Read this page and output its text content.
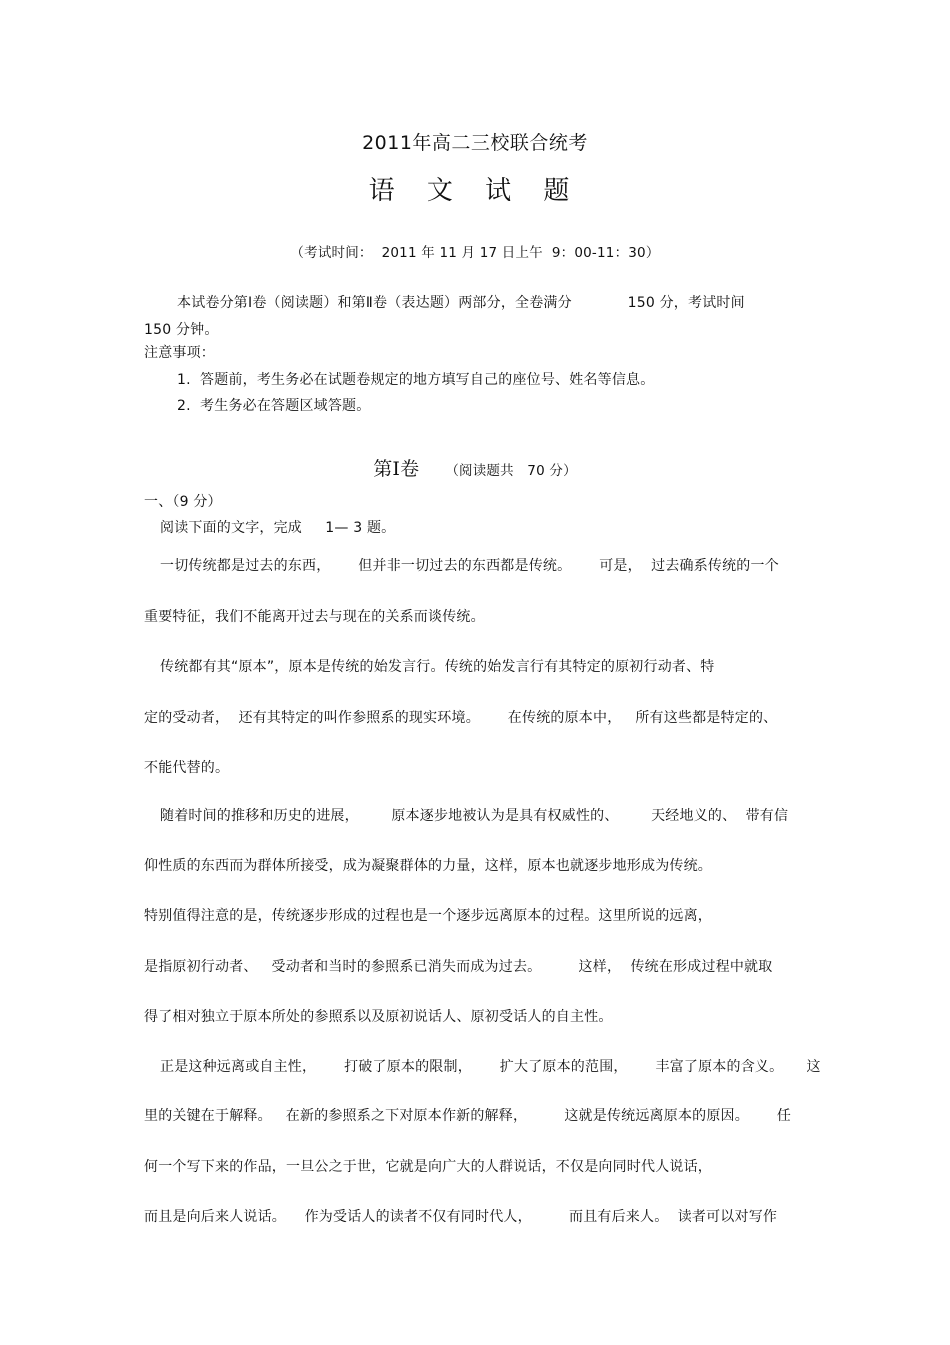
2011年高二三校联合统考
语 文 试 题
（考试时间：  2011 年 11 月 17 日上午  9：00-11：30）
本试卷分第Ⅰ卷（阅读题）和第Ⅱ卷（表达题）两部分，全卷满分            150 分，考试时间
150 分钟。
注意事项：
1.  答题前，考生务必在试题卷规定的地方填写自己的座位号、姓名等信息。
2.  考生务必在答题区域答题。
第Ⅰ卷 （阅读题共   70 分）
一、（9 分）
阅读下面的文字，完成     1— 3 题。
一切传统都是过去的东西，      但并非一切过去的东西都是传统。      可是，  过去确系传统的一个
重要特征，我们不能离开过去与现在的关系而谈传统。
传统都有其“原本”，原本是传统的始发言行。传统的始发言行有其特定的原初行动者、特
定的受动者，  还有其特定的叫作参照系的现实环境。      在传统的原本中，   所有这些都是特定的、
不能代替的。
随着时间的推移和历史的进展，       原本逐步地被认为是具有权威性的、       天经地义的、  带有信
仰性质的东西而为群体所接受，成为凝聚群体的力量，这样，原本也就逐步地形成为传统。
特别值得注意的是，传统逐步形成的过程也是一个逐步远离原本的过程。这里所说的远离，
是指原初行动者、   受动者和当时的参照系已消失而成为过去。        这样，  传统在形成过程中就取
得了相对独立于原本所处的参照系以及原初说话人、原初受话人的自主性。
正是这种远离或自主性，      打破了原本的限制，      扩大了原本的范围，      丰富了原本的含义。     这
里的关键在于解释。   在新的参照系之下对原本作新的解释，        这就是传统远离原本的原因。      任
何一个写下来的作品，一旦公之于世，它就是向广大的人群说话，不仅是向同时代人说话，
而且是向后来人说话。    作为受话人的读者不仅有同时代人，        而且有后来人。  读者可以对写作
